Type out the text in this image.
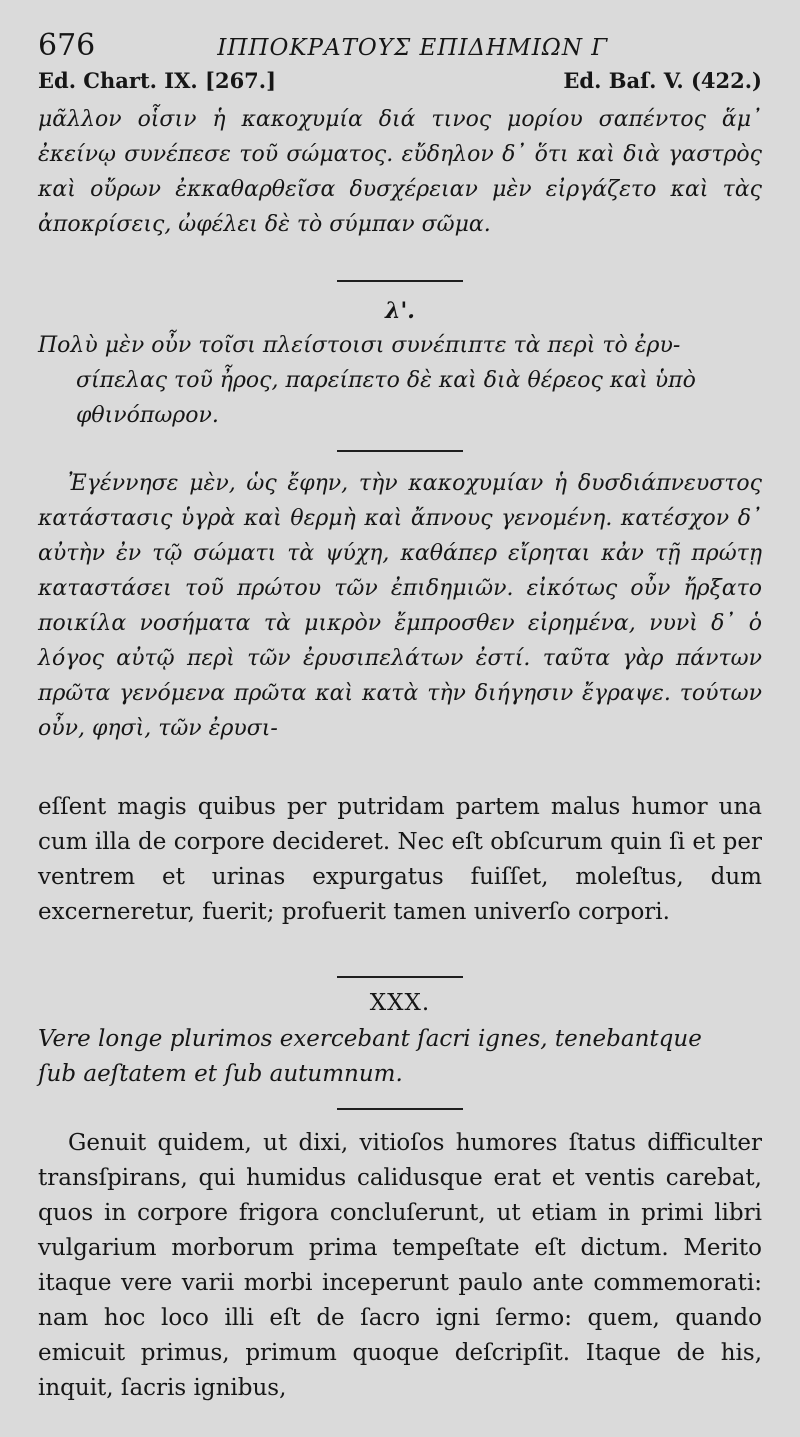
676	ΙΠΠΟΚΡΑΤΟΥΣ ΕΠΙΔΗΜΙΩΝ Γ
Ed. Chart. IX. [267.]	Ed. Baſ. V. (422.)

μᾶλλον οἷσιν ἡ κακοχυμία διά τινος μορίου σαπέντος ἅμ᾽ ἐκείνῳ συνέπεσε τοῦ σώματος. εὔδηλον δ᾽ ὅτι καὶ διὰ γαστρὸς καὶ οὔρων ἐκκαθαρθεῖσα δυσχέρειαν μὲν εἰργάζετο καὶ τὰς ἀποκρίσεις, ὠφέλει δὲ τὸ σύμπαν σῶμα.

λ'.
Πολὺ μὲν οὖν τοῖσι πλείστοισι συνέπιπτε τὰ περὶ τὸ ἐρυ-
σίπελας τοῦ ἦρος, παρείπετο δὲ καὶ διὰ θέρεος καὶ ὑπὸ
φθινόπωρον.

Ἐγέννησε μὲν, ὡς ἔφην, τὴν κακοχυμίαν ἡ δυσδιάπνευστος κατάστασις ὑγρὰ καὶ θερμὴ καὶ ἄπνους γενομένη. κατέσχον δ᾽ αὐτὴν ἐν τῷ σώματι τὰ ψύχη, καθάπερ εἴρηται κἀν τῇ πρώτῃ καταστάσει τοῦ πρώτου τῶν ἐπιδημιῶν. εἰκότως οὖν ἤρξατο ποικίλα νοσήματα τὰ μικρὸν ἔμπροσθεν εἰρημένα, νυνὶ δ᾽ ὁ λόγος αὐτῷ περὶ τῶν ἐρυσιπελάτων ἐστί. ταῦτα γὰρ πάντων πρῶτα γενόμενα πρῶτα καὶ κατὰ τὴν διήγησιν ἔγραψε. τούτων οὖν, φησὶ, τῶν ἐρυσι-

eſſent magis quibus per putridam partem malus humor una cum illa de corpore decideret. Nec eſt obſcurum quin ſi et per ventrem et urinas expurgatus fuiſſet, moleſtus, dum excerneretur, fuerit; profuerit tamen univerſo corpori.

XXX.
Vere longe plurimos exercebant ſacri ignes, tenebantque
ſub aeſtatem et ſub autumnum.

Genuit quidem, ut dixi, vitioſos humores ſtatus difficulter transſpirans, qui humidus calidusque erat et ventis carebat, quos in corpore frigora concluſerunt, ut etiam in primi libri vulgarium morborum prima tempeſtate eſt dictum. Merito itaque vere varii morbi inceperunt paulo ante commemorati: nam hoc loco illi eſt de ſacro igni ſermo: quem, quando emicuit primus, primum quoque deſcripſit. Itaque de his, inquit, ſacris ignibus,
